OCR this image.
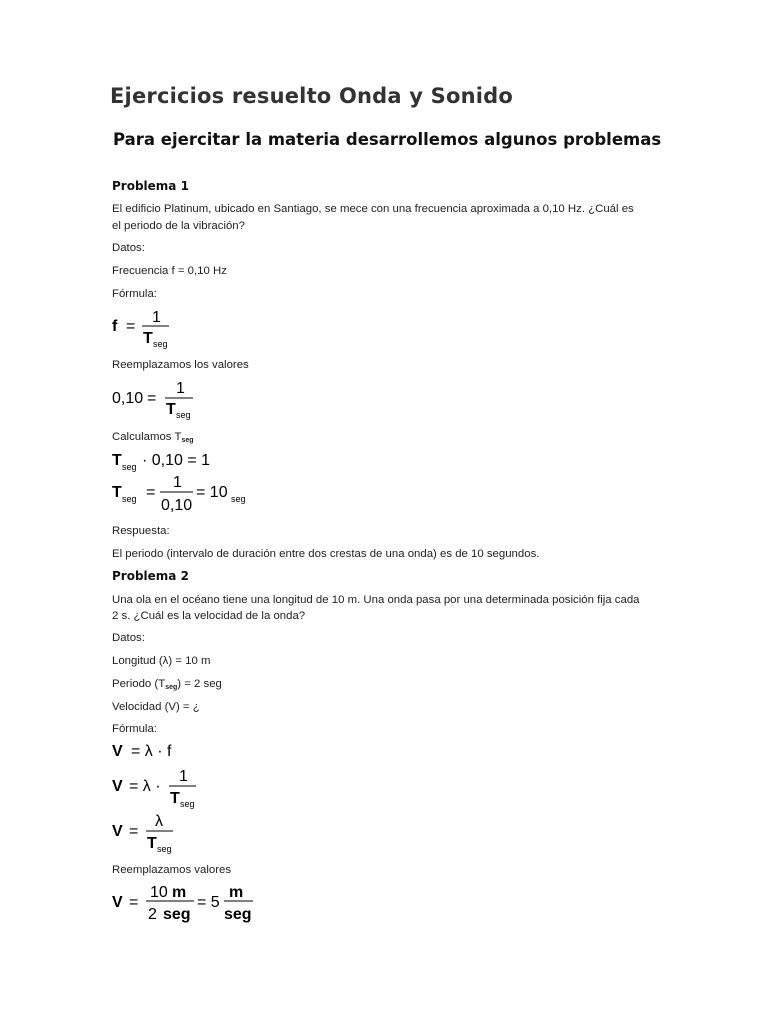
Ejercicios resuelto Onda y Sonido
Para ejercitar la materia desarrollemos algunos problemas
Problema 1
El edificio Platinum, ubicado en Santiago, se mece con una frecuencia aproximada a 0,10 Hz. ¿Cuál es
el periodo de la vibración?
Datos:
Frecuencia f = 0,10 Hz
Fórmula:
Reemplazamos los valores
Calculamos $T_{seg}$
Respuesta:
El periodo (intervalo de duración entre dos crestas de una onda) es de 10 segundos.
Problema 2
Una ola en el océano tiene una longitud de 10 m. Una onda pasa por una determinada posición fija cada
2 s. ¿Cuál es la velocidad de la onda?
Datos:
Longitud (λ) = 10 m
Periodo $(T_{seg}) = 2$ seg
Velocidad (V) = ¿
Fórmula:
Reemplazamos valores
f =
1
T seg
0,10 =
1
T seg
T seg · 0,10 = 1
T seg =
1
0,10
= 10 seg
V = λ · f
V = λ ·
1
T seg
V =
λ
T seg
V =
10 m
2 seg
= 5
m
seg
